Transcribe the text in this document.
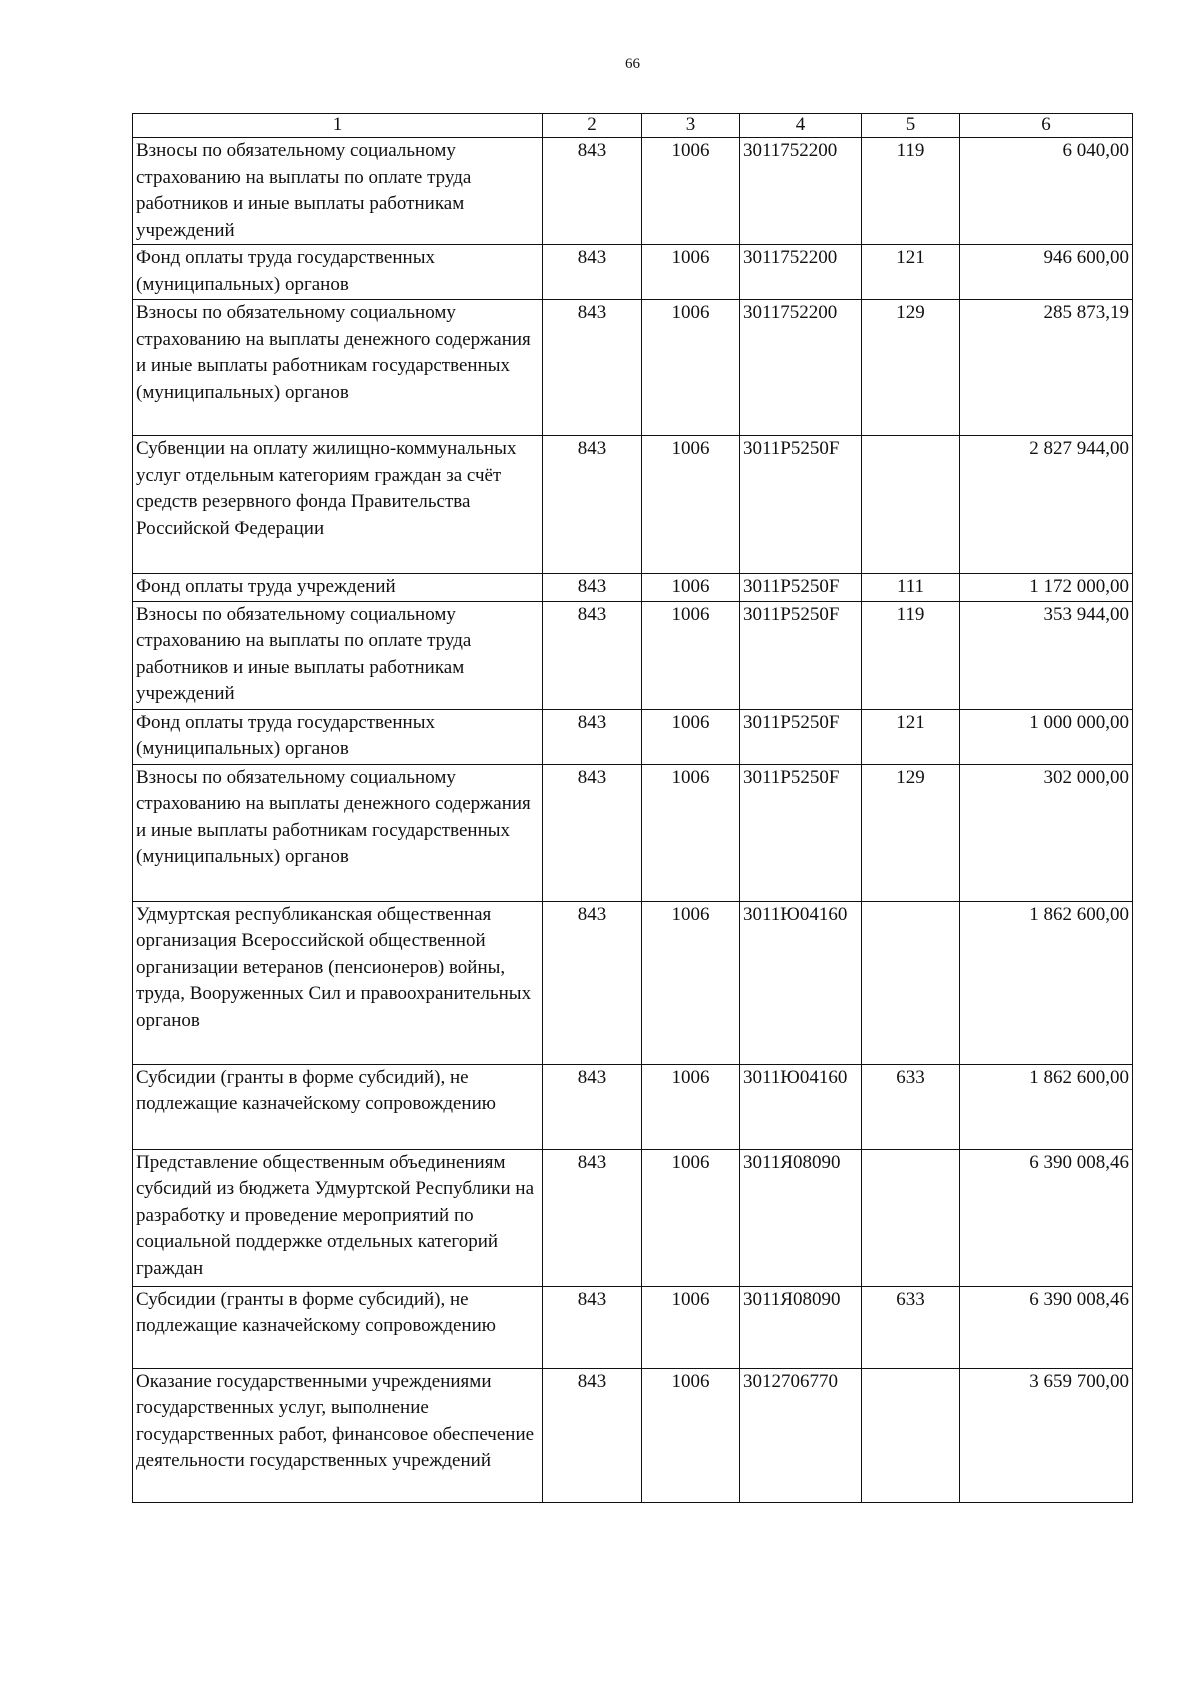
66
1	2	3	4	5	6
Взносы по обязательному социальному страхованию на выплаты по оплате труда работников и иные выплаты работникам учреждений	843	1006	3011752200	119	6 040,00
Фонд оплаты труда государственных (муниципальных) органов	843	1006	3011752200	121	946 600,00
Взносы по обязательному социальному страхованию на выплаты денежного содержания и иные выплаты работникам государственных (муниципальных) органов	843	1006	3011752200	129	285 873,19
Субвенции на оплату жилищно-коммунальных услуг отдельным категориям граждан за счёт средств резервного фонда Правительства Российской Федерации	843	1006	3011P5250F		2 827 944,00
Фонд оплаты труда учреждений	843	1006	3011P5250F	111	1 172 000,00
Взносы по обязательному социальному страхованию на выплаты по оплате труда работников и иные выплаты работникам учреждений	843	1006	3011P5250F	119	353 944,00
Фонд оплаты труда государственных (муниципальных) органов	843	1006	3011P5250F	121	1 000 000,00
Взносы по обязательному социальному страхованию на выплаты денежного содержания и иные выплаты работникам государственных (муниципальных) органов	843	1006	3011P5250F	129	302 000,00
Удмуртская республиканская общественная организация Всероссийской общественной организации ветеранов (пенсионеров) войны, труда, Вооруженных Сил и правоохранительных органов	843	1006	3011Ю04160		1 862 600,00
Субсидии (гранты в форме субсидий), не подлежащие казначейскому сопровождению	843	1006	3011Ю04160	633	1 862 600,00
Представление общественным объединениям субсидий из бюджета Удмуртской Республики на разработку и проведение мероприятий по социальной поддержке отдельных категорий граждан	843	1006	3011Я08090		6 390 008,46
Субсидии (гранты в форме субсидий), не подлежащие казначейскому сопровождению	843	1006	3011Я08090	633	6 390 008,46
Оказание государственными учреждениями государственных услуг, выполнение государственных работ, финансовое обеспечение деятельности государственных учреждений	843	1006	3012706770		3 659 700,00
